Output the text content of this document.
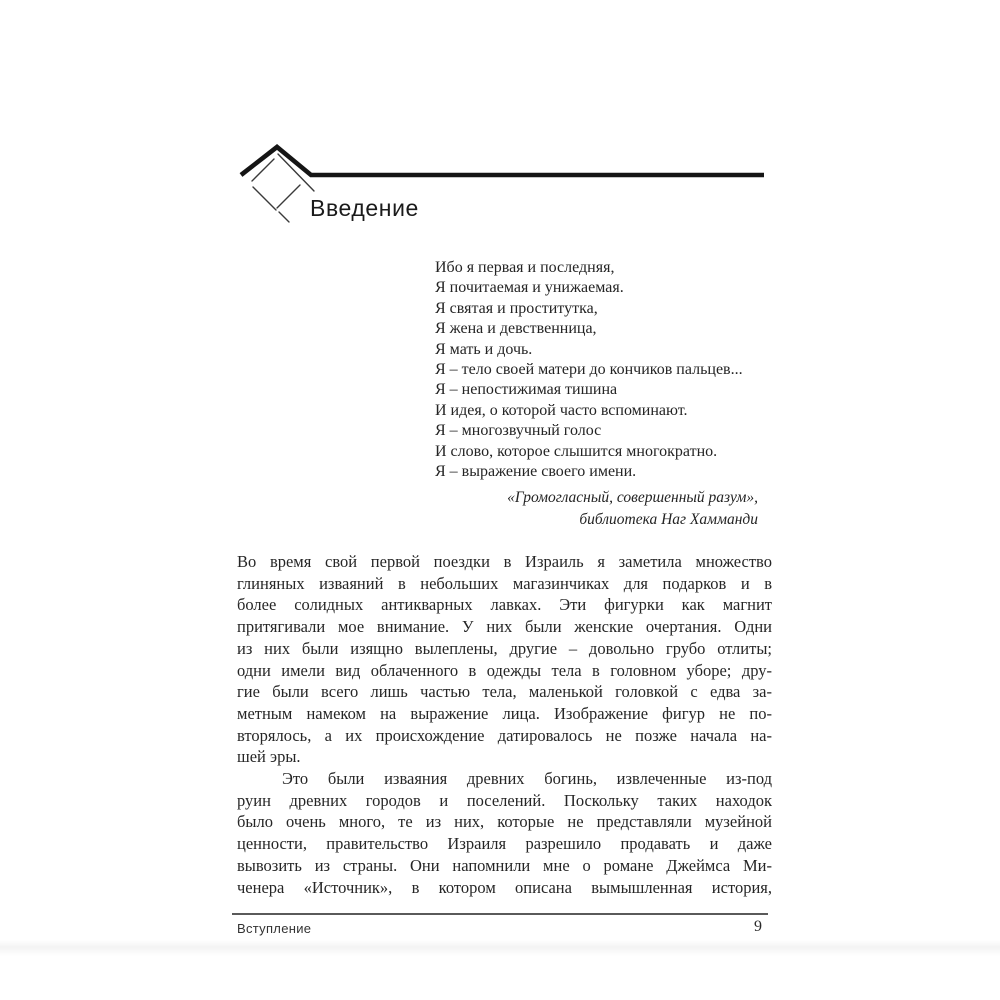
Введение
Ибо я первая и последняя,
Я почитаемая и унижаемая.
Я святая и проститутка,
Я жена и девственница,
Я мать и дочь.
Я – тело своей матери до кончиков пальцев...
Я – непостижимая тишина
И идея, о которой часто вспоминают.
Я – многозвучный голос
И слово, которое слышится многократно.
Я – выражение своего имени.
«Громогласный, совершенный разум»,
библиотека Наг Хамманди
Во время свой первой поездки в Израиль я заметила множество
глиняных изваяний в небольших магазинчиках для подарков и в
более солидных антикварных лавках. Эти фигурки как магнит
притягивали мое внимание. У них были женские очертания. Одни
из них были изящно вылеплены, другие – довольно грубо отлиты;
одни имели вид облаченного в одежды тела в головном уборе; дру-
гие были всего лишь частью тела, маленькой головкой с едва за-
метным намеком на выражение лица. Изображение фигур не по-
вторялось, а их происхождение датировалось не позже начала на-
шей эры.
Это были изваяния древних богинь, извлеченные из-под
руин древних городов и поселений. Поскольку таких находок
было очень много, те из них, которые не представляли музейной
ценности, правительство Израиля разрешило продавать и даже
вывозить из страны. Они напомнили мне о романе Джеймса Ми-
ченера «Источник», в котором описана вымышленная история,
Вступление	9
